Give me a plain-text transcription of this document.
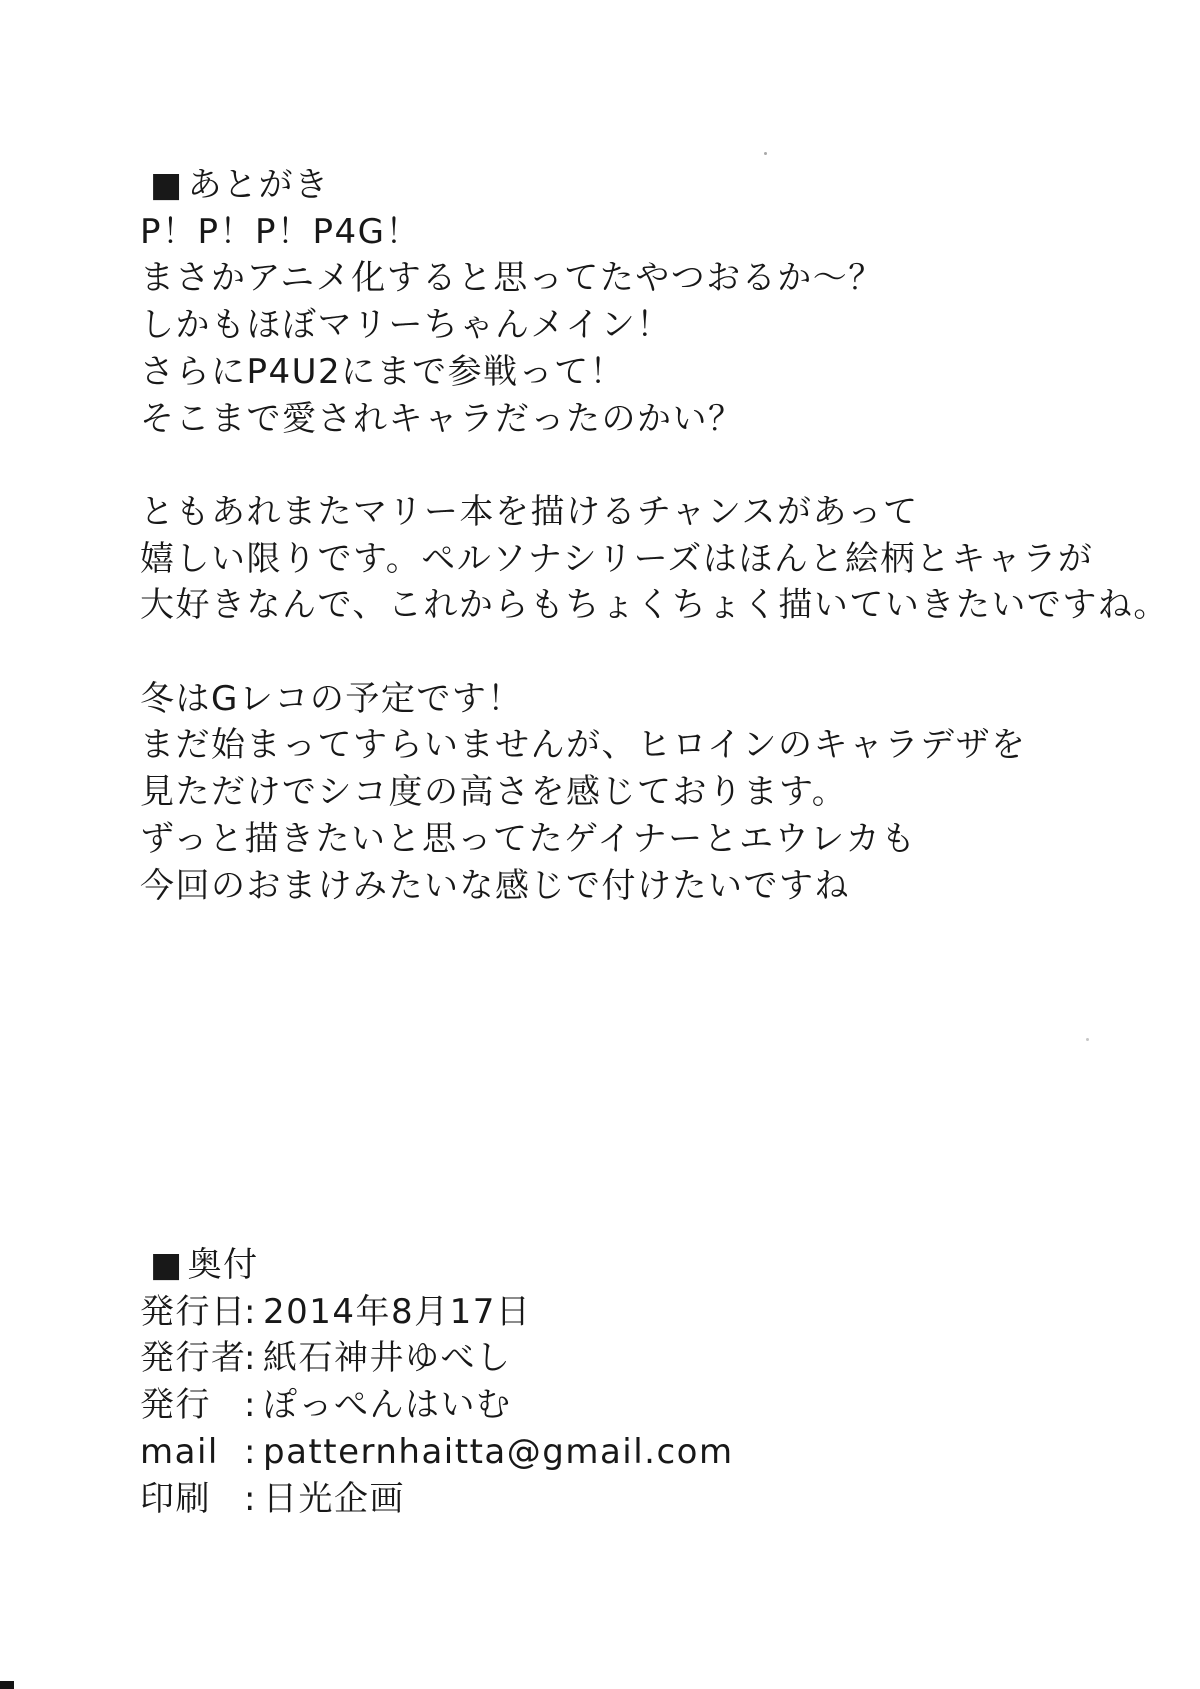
■ あとがき
P！P！P！P4G！
まさかアニメ化すると思ってたやつおるか～？
しかもほぼマリーちゃんメイン！
さらにP4U2にまで参戦って！
そこまで愛されキャラだったのかい？
ともあれまたマリー本を描けるチャンスがあって
嬉しい限りです。ペルソナシリーズはほんと絵柄とキャラが
大好きなんで、これからもちょくちょく描いていきたいですね。
冬はGレコの予定です！
まだ始まってすらいませんが、ヒロインのキャラデザを
見ただけでシコ度の高さを感じております。
ずっと描きたいと思ってたゲイナーとエウレカも
今回のおまけみたいな感じで付けたいですね
■ 奥付
発行日: 2014年8月17日
発行者: 紙石神井ゆべし
発行 : ぽっぺんはいむ
mail : patternhaitta@gmail.com
印刷 : 日光企画
